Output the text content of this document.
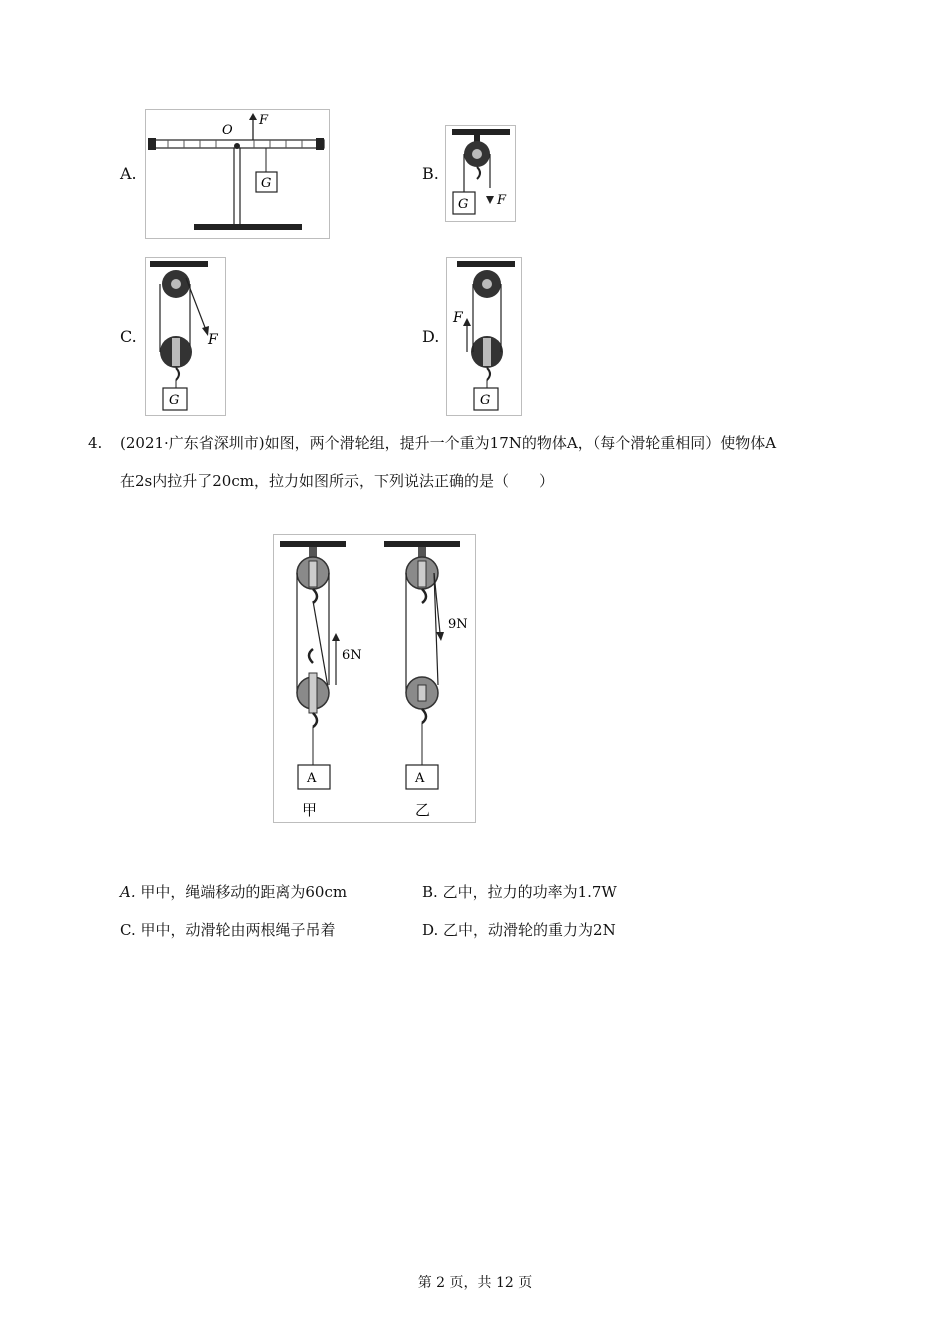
A.
F
O
G
B.
G F
C.	F
G
D.
F
G
4. (2021·广东省深圳市)如图，两个滑轮组，提升一个重为17N的物体A，（每个滑轮重相同）使物体A
在2s内拉升了20cm，拉力如图所示，下列说法正确的是（　　）
6N
A
甲
9N
A
乙
A. 甲中，绳端移动的距离为60cm	B. 乙中，拉力的功率为1.7W
C. 甲中，动滑轮由两根绳子吊着	D. 乙中，动滑轮的重力为2N
第 2 页，共 12 页
